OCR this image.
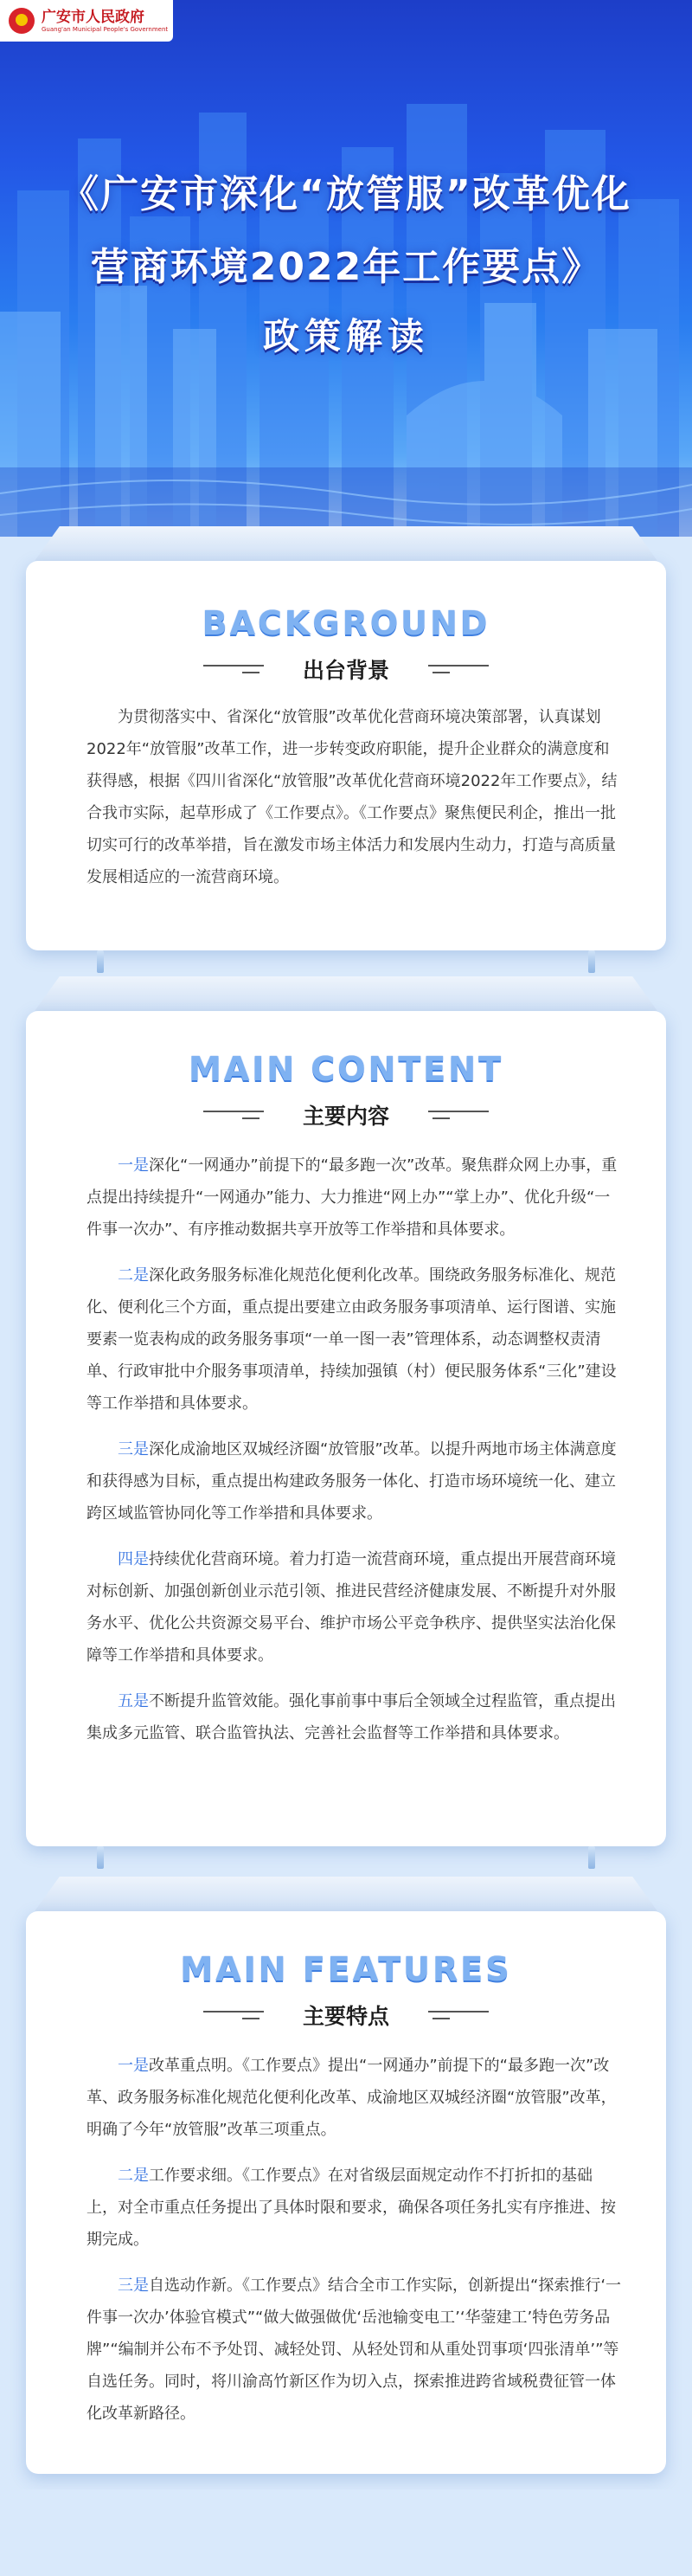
广安市人民政府
Guang'an Municipal People's Government
《广安市深化“放管服”改革优化
营商环境2022年工作要点》
政策解读
BACKGROUND
出台背景

为贯彻落实中、省深化“放管服”改革优化营商环境决策部署，认真谋划2022年“放管服”改革工作，进一步转变政府职能，提升企业群众的满意度和获得感，根据《四川省深化“放管服”改革优化营商环境2022年工作要点》，结合我市实际，起草形成了《工作要点》。《工作要点》聚焦便民利企，推出一批切实可行的改革举措，旨在激发市场主体活力和发展内生动力，打造与高质量发展相适应的一流营商环境。

MAIN CONTENT
主要内容

一是深化“一网通办”前提下的“最多跑一次”改革。聚焦群众网上办事，重点提出持续提升“一网通办”能力、大力推进“网上办”“掌上办”、优化升级“一件事一次办”、有序推动数据共享开放等工作举措和具体要求。

二是深化政务服务标准化规范化便利化改革。围绕政务服务标准化、规范化、便利化三个方面，重点提出要建立由政务服务事项清单、运行图谱、实施要素一览表构成的政务服务事项“一单一图一表”管理体系，动态调整权责清单、行政审批中介服务事项清单，持续加强镇（村）便民服务体系“三化”建设等工作举措和具体要求。

三是深化成渝地区双城经济圈“放管服”改革。以提升两地市场主体满意度和获得感为目标，重点提出构建政务服务一体化、打造市场环境统一化、建立跨区域监管协同化等工作举措和具体要求。

四是持续优化营商环境。着力打造一流营商环境，重点提出开展营商环境对标创新、加强创新创业示范引领、推进民营经济健康发展、不断提升对外服务水平、优化公共资源交易平台、维护市场公平竞争秩序、提供坚实法治化保障等工作举措和具体要求。

五是不断提升监管效能。强化事前事中事后全领域全过程监管，重点提出集成多元监管、联合监管执法、完善社会监督等工作举措和具体要求。

MAIN FEATURES
主要特点

一是改革重点明。《工作要点》提出“一网通办”前提下的“最多跑一次”改革、政务服务标准化规范化便利化改革、成渝地区双城经济圈“放管服”改革，明确了今年“放管服”改革三项重点。

二是工作要求细。《工作要点》在对省级层面规定动作不打折扣的基础上，对全市重点任务提出了具体时限和要求，确保各项任务扎实有序推进、按期完成。

三是自选动作新。《工作要点》结合全市工作实际，创新提出“探索推行‘一件事一次办’体验官模式”“做大做强做优‘岳池输变电工’‘华蓥建工’特色劳务品牌”“编制并公布不予处罚、减轻处罚、从轻处罚和从重处罚事项‘四张清单’”等自选任务。同时，将川渝高竹新区作为切入点，探索推进跨省域税费征管一体化改革新路径。
